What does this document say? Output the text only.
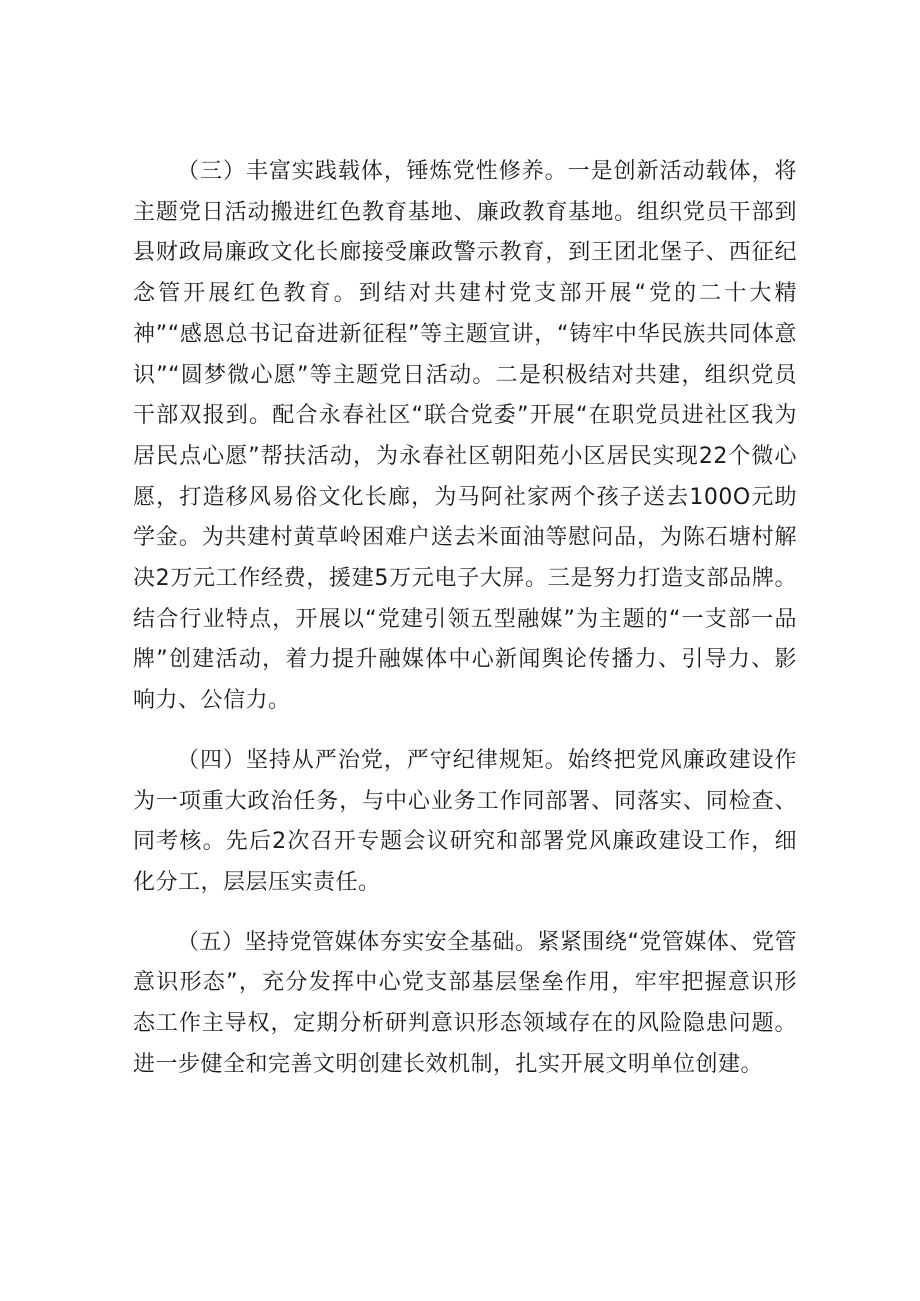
（三）丰富实践载体，锤炼党性修养。一是创新活动载体，将主题党日活动搬进红色教育基地、廉政教育基地。组织党员干部到县财政局廉政文化长廊接受廉政警示教育，到王团北堡子、西征纪念管开展红色教育。到结对共建村党支部开展“党的二十大精神”“感恩总书记奋进新征程”等主题宣讲，“铸牢中华民族共同体意识”“圆梦微心愿”等主题党日活动。二是积极结对共建，组织党员干部双报到。配合永春社区“联合党委”开展“在职党员进社区我为居民点心愿”帮扶活动，为永春社区朝阳苑小区居民实现22个微心愿，打造移风易俗文化长廊，为马阿社家两个孩子送去100O元助学金。为共建村黄草岭困难户送去米面油等慰问品，为陈石塘村解决2万元工作经费，援建5万元电子大屏。三是努力打造支部品牌。结合行业特点，开展以“党建引领五型融媒”为主题的“一支部一品牌”创建活动，着力提升融媒体中心新闻舆论传播力、引导力、影响力、公信力。

（四）坚持从严治党，严守纪律规矩。始终把党风廉政建设作为一项重大政治任务，与中心业务工作同部署、同落实、同检查、同考核。先后2次召开专题会议研究和部署党风廉政建设工作，细化分工，层层压实责任。

（五）坚持党管媒体夯实安全基础。紧紧围绕“党管媒体、党管意识形态”，充分发挥中心党支部基层堡垒作用，牢牢把握意识形态工作主导权，定期分析研判意识形态领域存在的风险隐患问题。进一步健全和完善文明创建长效机制，扎实开展文明单位创建。
